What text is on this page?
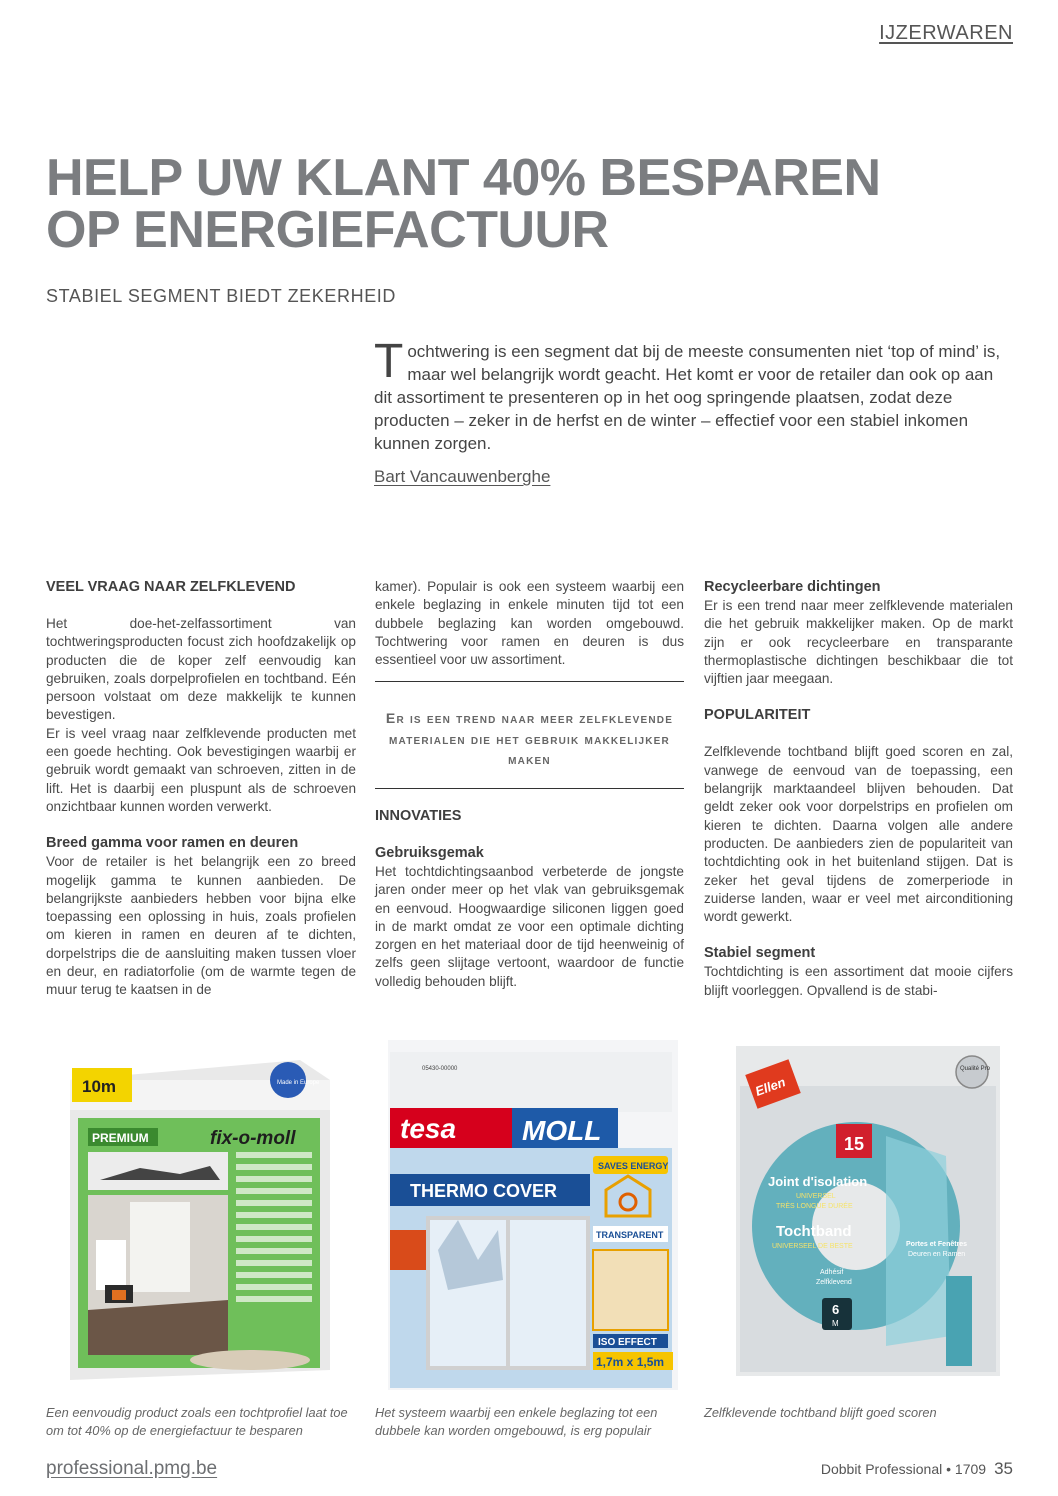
IJZERWAREN
HELP UW KLANT 40% BESPAREN
OP ENERGIEFACTUUR
STABIEL SEGMENT BIEDT ZEKERHEID

Tochtwering is een segment dat bij de meeste consumenten niet ‘top of mind’ is, maar wel belangrijk wordt geacht. Het komt er voor de retailer dan ook op aan dit assortiment te presenteren op in het oog springende plaatsen, zodat deze producten – zeker in de herfst en de winter – effectief voor een stabiel inkomen kunnen zorgen.

Bart Vancauwenberghe
VEEL VRAAG NAAR ZELFKLEVEND

Het doe-het-zelfassortiment van tochtweringsproducten focust zich hoofdzakelijk op producten die de koper zelf eenvoudig kan gebruiken, zoals dorpelprofielen en tochtband. Eén persoon volstaat om deze makkelijk te kunnen bevestigen.

Er is veel vraag naar zelfklevende producten met een goede hechting. Ook bevestigingen waarbij er gebruik wordt gemaakt van schroeven, zitten in de lift. Het is daarbij een pluspunt als de schroeven onzichtbaar kunnen worden verwerkt.

Breed gamma voor ramen en deuren

Voor de retailer is het belangrijk een zo breed mogelijk gamma te kunnen aanbieden. De belangrijkste aanbieders hebben voor bijna elke toepassing een oplossing in huis, zoals profielen om kieren in ramen en deuren af te dichten, dorpelstrips die de aansluiting maken tussen vloer en deur, en radiatorfolie (om de warmte tegen de muur terug te kaatsen in de

kamer). Populair is ook een systeem waarbij een enkele beglazing in enkele minuten tijd tot een dubbele beglazing kan worden omgebouwd. Tochtwering voor ramen en deuren is dus essentieel voor uw assortiment.

Er is een trend naar meer zelfklevende materialen die het gebruik makkelijker maken
INNOVATIES
Gebruiksgemak

Het tochtdichtingsaanbod verbeterde de jongste jaren onder meer op het vlak van gebruiksgemak en eenvoud. Hoogwaardige siliconen liggen goed in de markt omdat ze voor een optimale dichting zorgen en het materiaal door de tijd heenweinig of zelfs geen slijtage vertoont, waardoor de functie volledig behouden blijft.

Recycleerbare dichtingen

Er is een trend naar meer zelfklevende materialen die het gebruik makkelijker maken. Op de markt zijn er ook recycleerbare en transparante thermoplastische dichtingen beschikbaar die tot vijftien jaar meegaan.

POPULARITEIT

Zelfklevende tochtband blijft goed scoren en zal, vanwege de eenvoud van de toepassing, een belangrijk marktaandeel blijven behouden. Dat geldt zeker ook voor dorpelstrips en profielen om kieren te dichten. Daarna volgen alle andere producten. De aanbieders zien de populariteit van tochtdichting ook in het buitenland stijgen. Dat is zeker het geval tijdens de zomerperiode in zuiderse landen, waar er veel met airconditioning wordt gewerkt.

Stabiel segment

Tochtdichting is een assortiment dat mooie cijfers blijft voorleggen. Opvallend is de stabi-

10m	Made in Europe
PREMIUM	fix-o-moll
05430-00000
tesa MOLL
THERMO COVER
SAVES ENERGY
TRANSPARENT
ISO EFFECT
1,7m x 1,5m
Ellen
Qualité Pro
15
Joint d'isolation
UNIVERSEL
TRÈS LONGUE DURÉE
Tochtband
UNIVERSEEL DE BESTE	Portes et Fenêtres
Deuren en Ramen
Adhésif
Zelfklevend
6
M
Een eenvoudig product zoals een tochtprofiel laat toe om tot 40% op de energiefactuur te besparen
Het systeem waarbij een enkele beglazing tot een dubbele kan worden omgebouwd, is erg populair
Zelfklevende tochtband blijft goed scoren
professional.pmg.be	Dobbit Professional • 1709 35
